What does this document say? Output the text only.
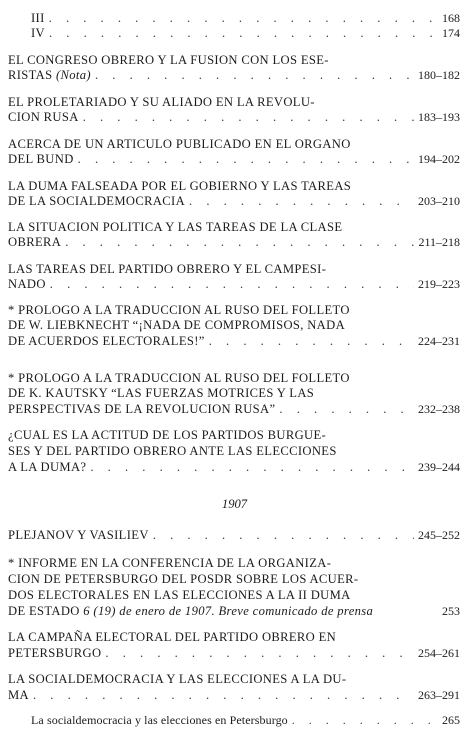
III . . .	168
IV . . .	174
EL CONGRESO OBRERO Y LA FUSION CON LOS ESE-
RISTAS (Nota) . . .	180–182
EL PROLETARIADO Y SU ALIADO EN LA REVOLU-
CION RUSA . . .	183–193
ACERCA DE UN ARTICULO PUBLICADO EN EL ORGANO
DEL BUND . . .	194–202
LA DUMA FALSEADA POR EL GOBIERNO Y LAS TAREAS
DE LA SOCIALDEMOCRACIA . . .	203–210
LA SITUACION POLITICA Y LAS TAREAS DE LA CLASE
OBRERA . . .	211–218
LAS TAREAS DEL PARTIDO OBRERO Y EL CAMPESI-
NADO . . .	219–223
* PROLOGO A LA TRADUCCION AL RUSO DEL FOLLETO
DE W. LIEBKNECHT “¡NADA DE COMPROMISOS, NADA
DE ACUERDOS ELECTORALES!” . . .	224–231
* PROLOGO A LA TRADUCCION AL RUSO DEL FOLLETO
DE K. KAUTSKY “LAS FUERZAS MOTRICES Y LAS
PERSPECTIVAS DE LA REVOLUCION RUSA” . . .	232–238
¿CUAL ES LA ACTITUD DE LOS PARTIDOS BURGUE-
SES Y DEL PARTIDO OBRERO ANTE LAS ELECCIONES
A LA DUMA? . . .	239–244
1907
PLEJANOV Y VASILIEV . . .	245–252
* INFORME EN LA CONFERENCIA DE LA ORGANIZA-
CION DE PETERSBURGO DEL POSDR SOBRE LOS ACUER-
DOS ELECTORALES EN LAS ELECCIONES A LA II DUMA
DE ESTADO 6 (19) de enero de 1907. Breve comunicado de prensa	253
LA CAMPAÑA ELECTORAL DEL PARTIDO OBRERO EN
PETERSBURGO . . .	254–261
LA SOCIALDEMOCRACIA Y LAS ELECCIONES A LA DU-
MA . . .	263–291
La socialdemocracia y las elecciones en Petersburgo . . .	265
